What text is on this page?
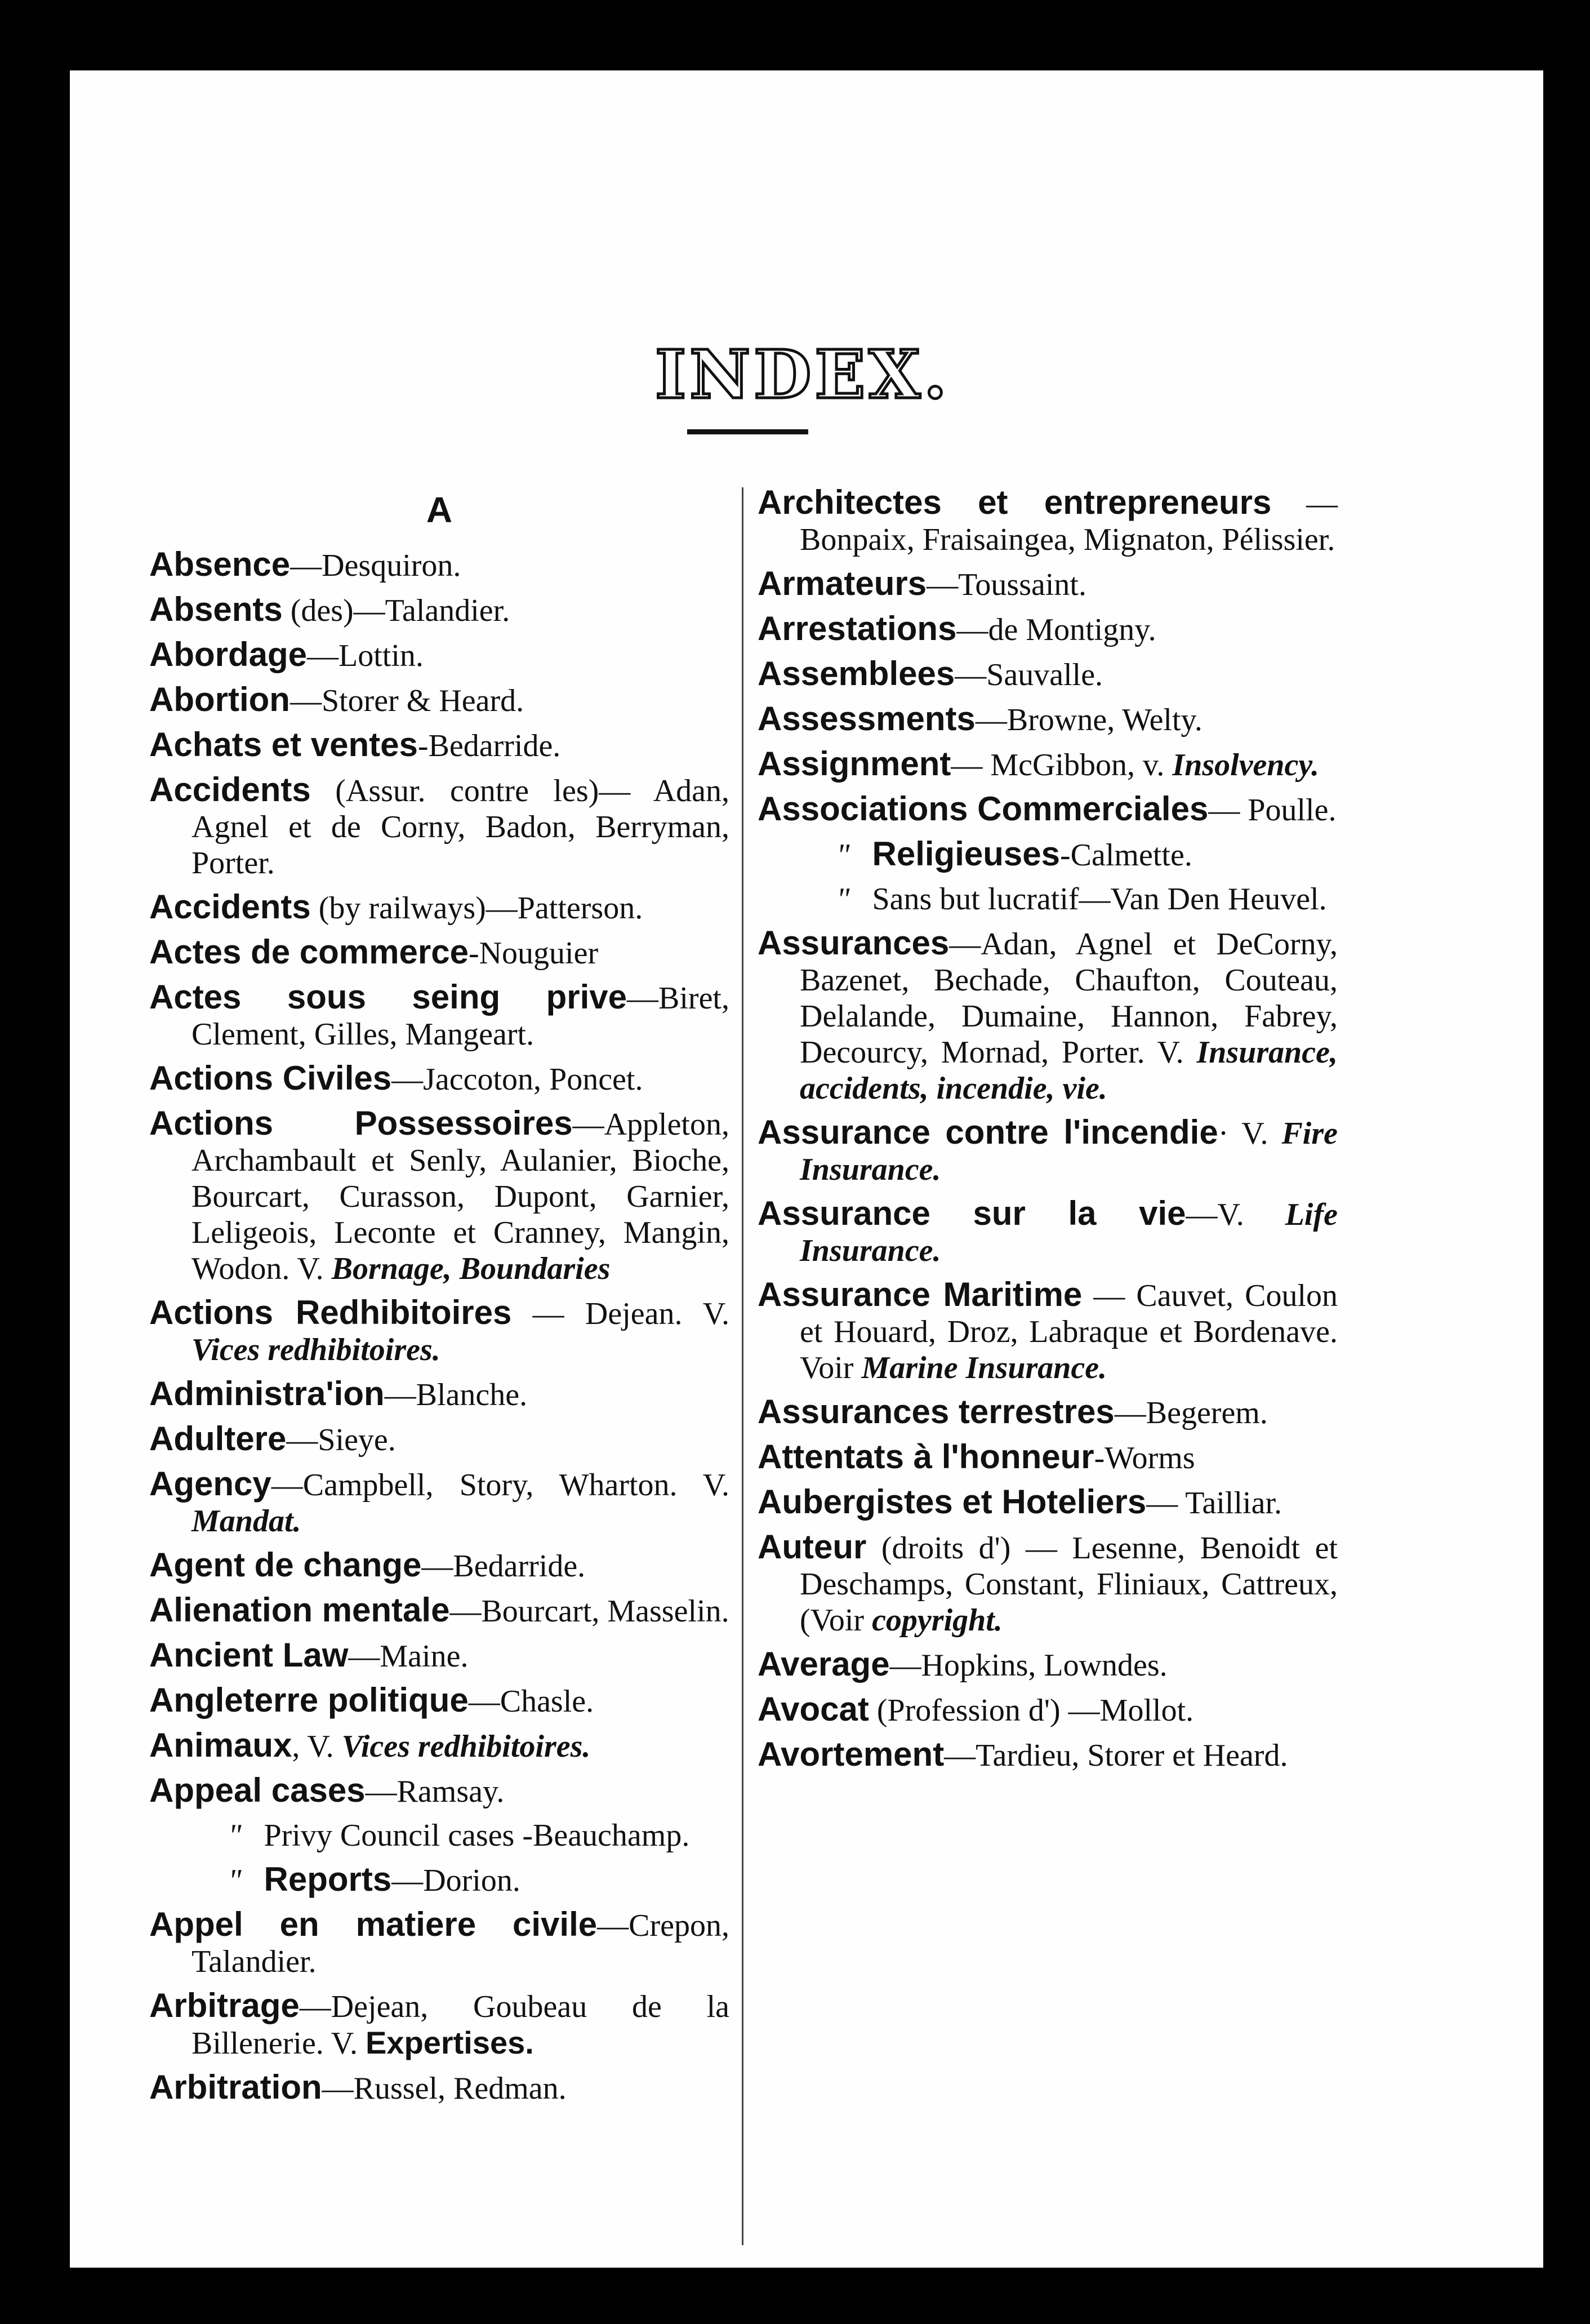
INDEX.
A

Absence—Desquiron.

Absents (des)—Talandier.

Abordage—Lottin.

Abortion—Storer & Heard.

Achats et ventes-Bedarride.

Accidents (Assur. contre les)— Adan, Agnel et de Corny, Badon, Berryman, Porter.

Accidents (by railways)—Patterson.

Actes de commerce-Nouguier

Actes sous seing prive—Biret, Clement, Gilles, Mangeart.

Actions Civiles—Jaccoton, Poncet.

Actions Possessoires—Appleton, Archambault et Senly, Aulanier, Bioche, Bourcart, Curasson, Dupont, Garnier, Leligeois, Leconte et Cranney, Mangin, Wodon. V. Bornage, Boundaries

Actions Redhibitoires — Dejean. V. Vices redhibitoires.

Administra'ion—Blanche.

Adultere—Sieye.

Agency—Campbell, Story, Wharton. V. Mandat.

Agent de change—Bedarride.

Alienation mentale—Bourcart, Masselin.

Ancient Law—Maine.

Angleterre politique—Chasle.

Animaux, V. Vices redhibitoires.

Appeal cases—Ramsay.

" Privy Council cases -Beauchamp.

" Reports—Dorion.

Appel en matiere civile—Crepon, Talandier.

Arbitrage—Dejean, Goubeau de la Billenerie. V. Expertises.

Arbitration—Russel, Redman.

Architectes et entrepreneurs —Bonpaix, Fraisaingea, Mignaton, Pélissier.

Armateurs—Toussaint.

Arrestations—de Montigny.

Assemblees—Sauvalle.

Assessments—Browne, Welty.

Assignment— McGibbon, v. Insolvency.

Associations Commerciales— Poulle.

" Religieuses-Calmette.

" Sans but lucratif—Van Den Heuvel.

Assurances—Adan, Agnel et DeCorny, Bazenet, Bechade, Chaufton, Couteau, Delalande, Dumaine, Hannon, Fabrey, Decourcy, Mornad, Porter. V. Insurance, accidents, incendie, vie.

Assurance contre l'incendie· V. Fire Insurance.

Assurance sur la vie—V. Life Insurance.

Assurance Maritime — Cauvet, Coulon et Houard, Droz, Labraque et Bordenave. Voir Marine Insurance.

Assurances terrestres—Begerem.

Attentats à l'honneur-Worms

Aubergistes et Hoteliers— Tailliar.

Auteur (droits d') — Lesenne, Benoidt et Deschamps, Constant, Fliniaux, Cattreux, (Voir copyright.

Average—Hopkins, Lowndes.

Avocat (Profession d') —Mollot.

Avortement—Tardieu, Storer et Heard.
